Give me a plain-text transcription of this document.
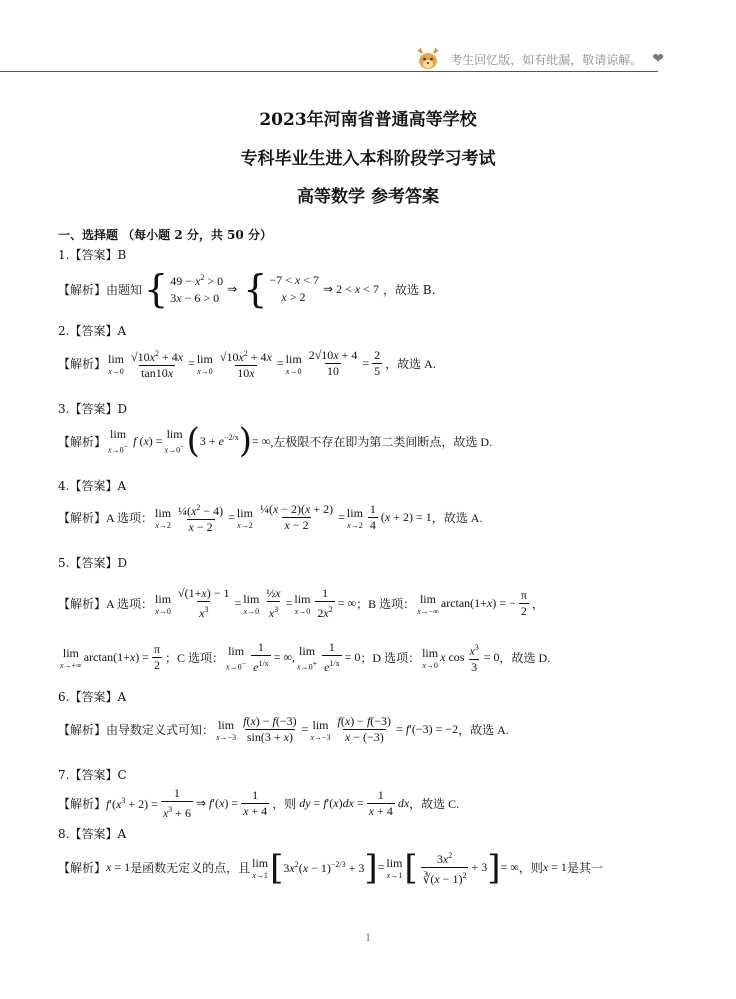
考生回忆版，如有纰漏，敬请谅解。 ❤
2023年河南省普通高等学校
专科毕业生进入本科阶段学习考试
高等数学 参考答案
一、选择题 （每小题 2 分，共 50 分）
1.【答案】B
【解析】 由题知 { $49 - x^2 > 0$
3x − 6 > 0
⇒ { −7 < x < 7
x > 2
⇒ 2 < x < 7 ，故选 B.
2.【答案】A
【解析】 lim
$x\to 0 \frac{√10x^2 + 4x}{\tan 10x} = \lim$
$x\to 0 \frac{√10x^2 + 4x}{10x} = \lim$
$x\to 0 \frac{2√10x + 4}{10} = \frac{2}{5}$ ，故选 A.
3.【答案】D
【解析】
lim
x→0− f ( x ) = lim
x→0− ( $3 + e^{-2/x}$ ) = ∞ ,左极限不存在即为第二类间断点，故选 D.
4.【答案】A
【解析】 A 选项： lim
$x\to 2 \frac{\frac{1}{4}(x^2 - 4)}{x - 2} = \lim$
$x\to 2 \frac{\text{¼(x − 2)(x + 2)}}{x - 2} = \lim$
$x\to 2 \frac{1}{4} (x + 2) = 1$ ，故选 A.
5.【答案】D
【解析】 A 选项： lim
$x\to 0 \frac{√(1+x) - 1}{x^3} = \lim$
$x\to 0 \frac{\text{½x}}{x^3} = \lim$
$x\to 0 \frac{1}{2x^2}$ = ∞ ；B 选项： lim
x→−∞
arctan(1+x) = − $\frac{\pi}{2}$ ，
lim
x→+∞
$\arctan(1+x) = \frac{\pi}{2}$ ；C 选项：
lim
$x\to 0^- \frac{1}{e^{1/x}}$ = ∞, lim
$x\to 0^+ \frac{1}{e^{1/x}} = 0$ ；D 选项： lim
x→0
x $\cos \frac{x^3}{3} = 0$ ，故选 D.
6.【答案】A
【解析】 由导数定义式可知： lim
$x\to-3 \frac{f(x) - f(-3)}{\sin(3 + x)} = \lim$
$x\to-3 \frac{f(x) - f(-3)}{x - (-3)} = f'(-3) = -2$ ，故选 A.
7.【答案】C
【解析】 $f'(x^3 + 2) = \frac{1}{x^3 + 6}$ ⇒ $f'(x) = \frac{1}{x + 4}$ ，则 dy = $f'(x)dx = \frac{1}{x + 4}$ dx ，故选 C.
8.【答案】A
【解析】 x = 1 是函数无定义的点，且 lim
x→1 [ $3x^2(x - 1)^{-2/3} + 3$ ] = lim
x→1 [ $\frac{3x^2}{∛(x - 1)^2} + 3$ ] = ∞ ，则 x = 1 是其一
1
